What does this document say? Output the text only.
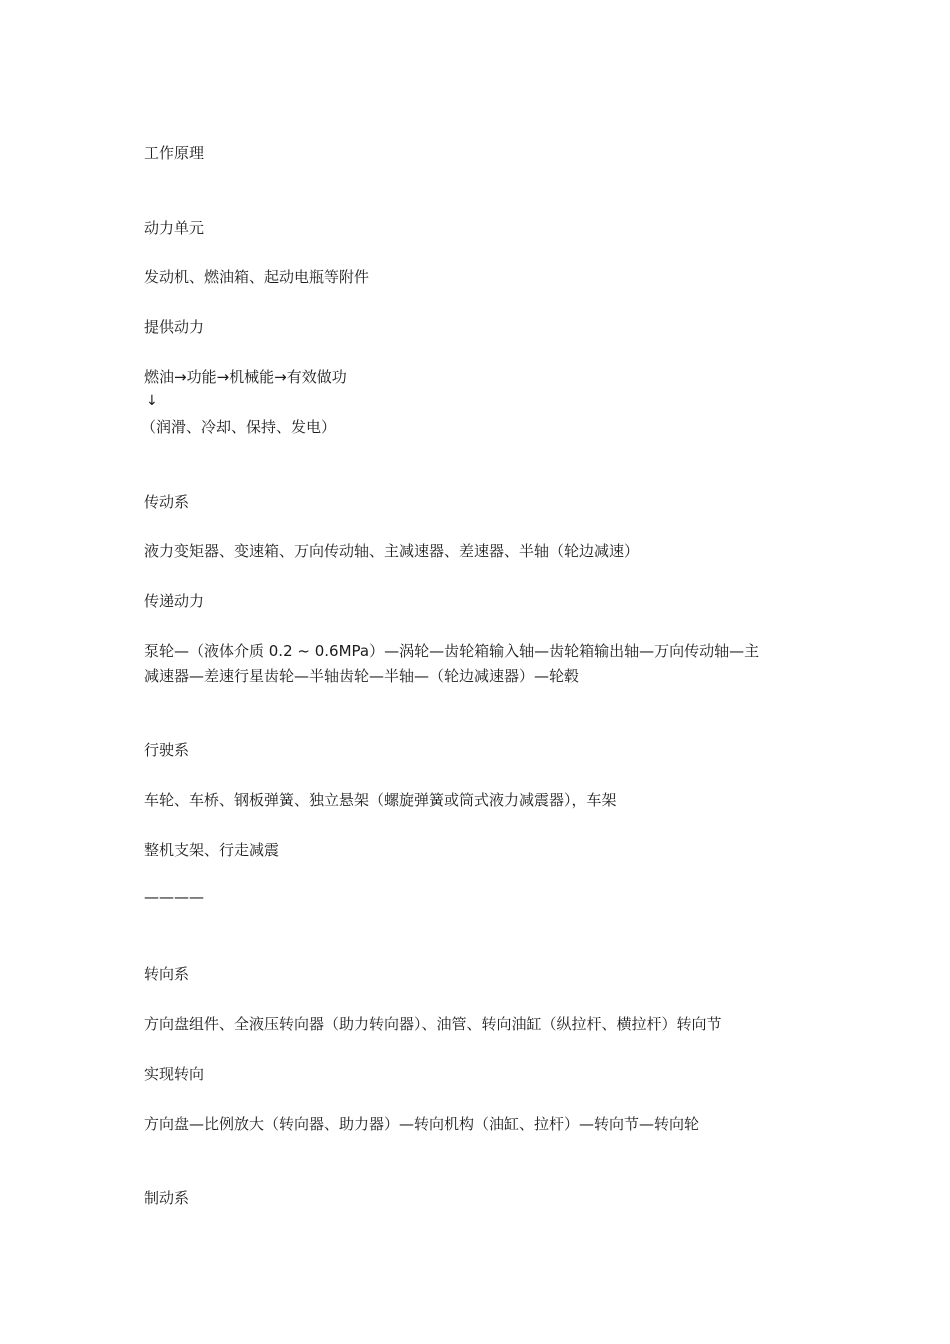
工作原理
动力单元
发动机、燃油箱、起动电瓶等附件
提供动力
燃油→功能→机械能→有效做功
↓
（润滑、冷却、保持、发电）
传动系
液力变矩器、变速箱、万向传动轴、主减速器、差速器、半轴（轮边减速）
传递动力
泵轮—（液体介质 0.2 ~ 0.6MPa）—涡轮—齿轮箱输入轴—齿轮箱输出轴—万向传动轴—主
减速器—差速行星齿轮—半轴齿轮—半轴—（轮边减速器）—轮毂
行驶系
车轮、车桥、钢板弹簧、独立悬架（螺旋弹簧或筒式液力减震器），车架
整机支架、行走减震
————
转向系
方向盘组件、全液压转向器（助力转向器）、油管、转向油缸（纵拉杆、横拉杆）转向节
实现转向
方向盘—比例放大（转向器、助力器）—转向机构（油缸、拉杆）—转向节—转向轮
制动系
